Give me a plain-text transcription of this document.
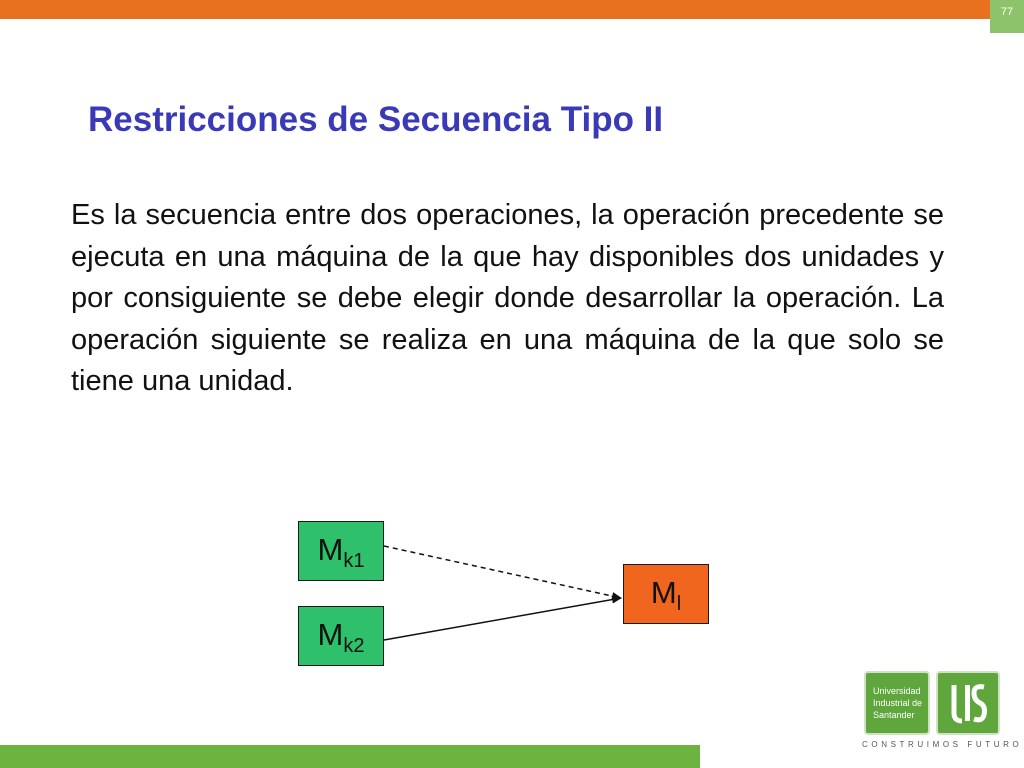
77
Restricciones de Secuencia Tipo II

Es la secuencia entre dos operaciones, la operación precedente se ejecuta en una máquina de la que hay disponibles dos unidades y por consiguiente se debe elegir donde desarrollar la operación. La operación siguiente se realiza en una máquina de la que solo se tiene una unidad.

$M_{k1}$
$M_{k2}$
$M_l$
Universidad
Industrial de
Santander
CONSTRUIMOS FUTURO
